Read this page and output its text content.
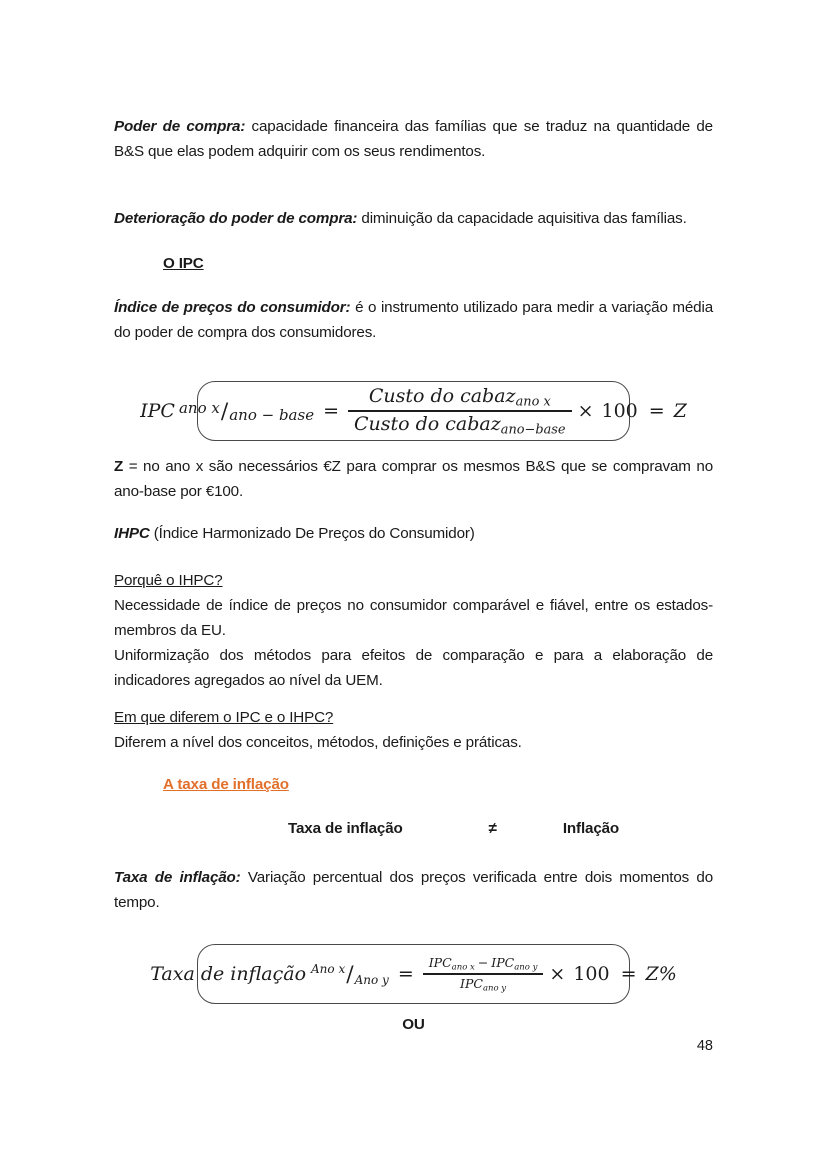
Poder de compra: capacidade financeira das famílias que se traduz na quantidade de B&S que elas podem adquirir com os seus rendimentos.

Deterioração do poder de compra: diminuição da capacidade aquisitiva das famílias.

O IPC

Índice de preços do consumidor: é o instrumento utilizado para medir a variação média do poder de compra dos consumidores.

IPC ano x / ano − base = $\frac{Custo do cabaz_{ano x}}{Custo do cabaz_{ano-base}} \times 100 = Z$

Z = no ano x são necessários €Z para comprar os mesmos B&S que se compravam no ano-base por €100.

IHPC (Índice Harmonizado De Preços do Consumidor)

Porquê o IHPC?

Necessidade de índice de preços no consumidor comparável e fiável, entre os estados-membros da EU.

Uniformização dos métodos para efeitos de comparação e para a elaboração de indicadores agregados ao nível da UEM.

Em que diferem o IPC e o IHPC?

Diferem a nível dos conceitos, métodos, definições e práticas.

A taxa de inflação
Taxa de inflação	≠	Inflação

Taxa de inflação: Variação percentual dos preços verificada entre dois momentos do tempo.

Taxa de inflação Ano x / Ano $y = \frac{IPC_{ano x} - IPC_{ano y}}{IPC_{ano y}} \times 100 = Z\%$
OU
48
